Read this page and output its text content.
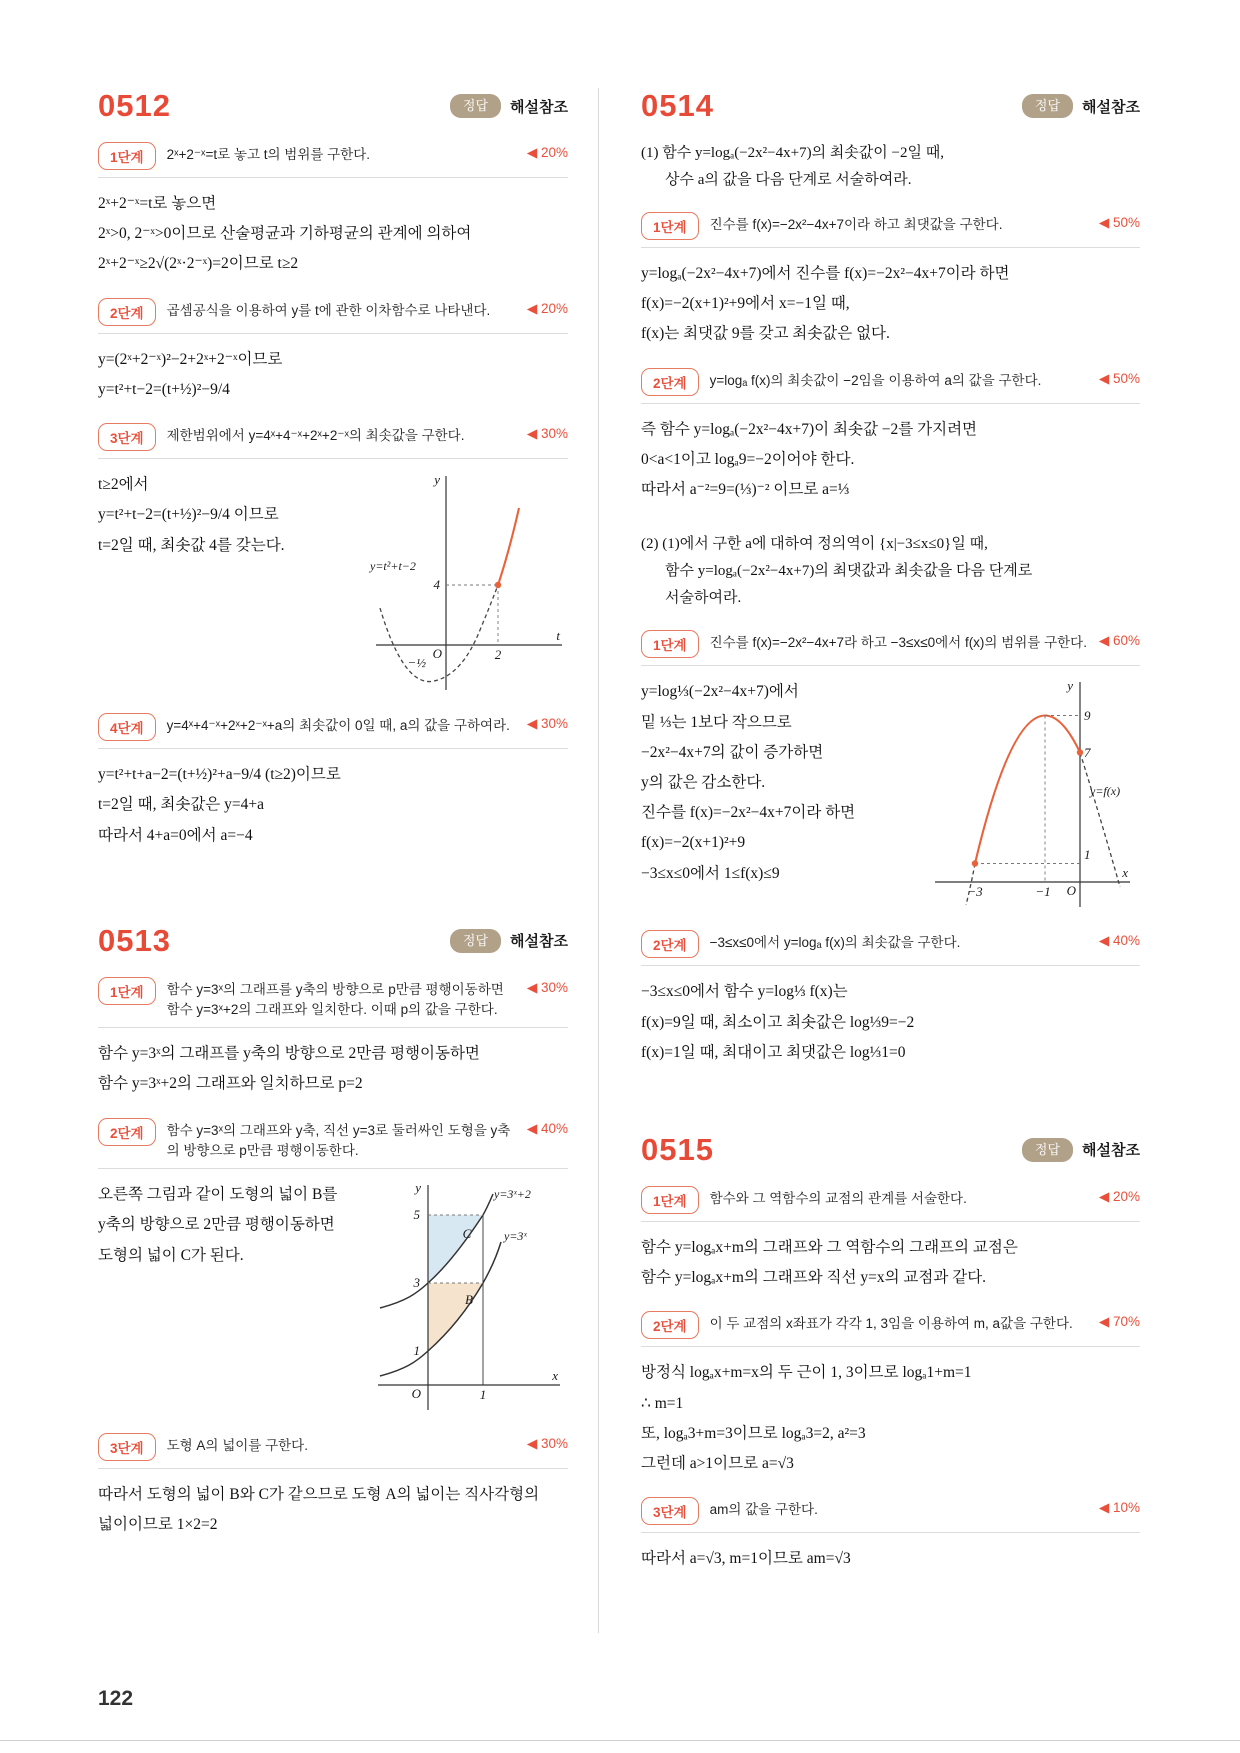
0512	정답	해설참조
1단계	2ˣ+2⁻ˣ=t로 놓고 t의 범위를 구한다.	◀ 20%
2ˣ+2⁻ˣ=t로 놓으면
2ˣ>0, 2⁻ˣ>0이므로 산술평균과 기하평균의 관계에 의하여
2ˣ+2⁻ˣ≥2√(2ˣ·2⁻ˣ)=2이므로 t≥2
2단계	곱셈공식을 이용하여 y를 t에 관한 이차함수로 나타낸다.	◀ 20%
y=(2ˣ+2⁻ˣ)²−2+2ˣ+2⁻ˣ이므로
y=t²+t−2=(t+½)²−9/4
3단계	제한범위에서 y=4ˣ+4⁻ˣ+2ˣ+2⁻ˣ의 최솟값을 구한다.	◀ 30%
t≥2에서
y=t²+t−2=(t+½)²−9/4 이므로
t=2일 때, 최솟값 4를 갖는다.
y
y=t²+t−2
4
−½
O	2
t
4단계	y=4ˣ+4⁻ˣ+2ˣ+2⁻ˣ+a의 최솟값이 0일 때, a의 값을 구하여라.	◀ 30%
y=t²+t+a−2=(t+½)²+a−9/4 (t≥2)이므로
t=2일 때, 최솟값은 y=4+a
따라서 4+a=0에서 a=−4
0513	정답	해설참조
1단계	함수 y=3ˣ의 그래프를 y축의 방향으로 p만큼 평행이동하면 함수 y=3ˣ+2의 그래프와 일치한다. 이때 p의 값을 구한다.
◀ 30%
함수 y=3ˣ의 그래프를 y축의 방향으로 2만큼 평행이동하면
함수 y=3ˣ+2의 그래프와 일치하므로 p=2
2단계	함수 y=3ˣ의 그래프와 y축, 직선 y=3로 둘러싸인 도형을 y축의 방향으로 p만큼 평행이동한다.
◀ 40%
오른쪽 그림과 같이 도형의 넓이 B를
y축의 방향으로 2만큼 평행이동하면
도형의 넓이 C가 된다.
y	y=3ˣ+2
y=3ˣ
5
3
1
C
B
O	1
x
3단계	도형 A의 넓이를 구한다.	◀ 30%
따라서 도형의 넓이 B와 C가 같으므로 도형 A의 넓이는 직사각형의
넓이이므로 1×2=2
0514	정답	해설참조
(1) 함수 y=logₐ(−2x²−4x+7)의 최솟값이 −2일 때,
상수 a의 값을 다음 단계로 서술하여라.
1단계	진수를 f(x)=−2x²−4x+7이라 하고 최댓값을 구한다.	◀ 50%
y=logₐ(−2x²−4x+7)에서 진수를 f(x)=−2x²−4x+7이라 하면
f(x)=−2(x+1)²+9에서 x=−1일 때,
f(x)는 최댓값 9를 갖고 최솟값은 없다.
2단계	y=logₐ f(x)의 최솟값이 −2임을 이용하여 a의 값을 구한다.	◀ 50%
즉 함수 y=logₐ(−2x²−4x+7)이 최솟값 −2를 가지려면
0<a<1이고 logₐ9=−2이어야 한다.
따라서 a⁻²=9=(⅓)⁻² 이므로 a=⅓
(2) (1)에서 구한 a에 대하여 정의역이 {x|−3≤x≤0}일 때,
함수 y=logₐ(−2x²−4x+7)의 최댓값과 최솟값을 다음 단계로
서술하여라.
1단계	진수를 f(x)=−2x²−4x+7라 하고 −3≤x≤0에서 f(x)의 범위를 구한다. ◀ 60%
y=log⅓(−2x²−4x+7)에서
밑 ⅓는 1보다 작으므로
−2x²−4x+7의 값이 증가하면
y의 값은 감소한다.
진수를 f(x)=−2x²−4x+7이라 하면
f(x)=−2(x+1)²+9
−3≤x≤0에서 1≤f(x)≤9
y
9
7
y=f(x)
1
−3	−1 O
x
2단계	−3≤x≤0에서 y=logₐ f(x)의 최솟값을 구한다.	◀ 40%
−3≤x≤0에서 함수 y=log⅓ f(x)는
f(x)=9일 때, 최소이고 최솟값은 log⅓9=−2
f(x)=1일 때, 최대이고 최댓값은 log⅓1=0
0515	정답	해설참조
1단계	함수와 그 역함수의 교점의 관계를 서술한다.	◀ 20%
함수 y=logₐx+m의 그래프와 그 역함수의 그래프의 교점은
함수 y=logₐx+m의 그래프와 직선 y=x의 교점과 같다.
2단계	이 두 교점의 x좌표가 각각 1, 3임을 이용하여 m, a값을 구한다.	◀ 70%
방정식 logₐx+m=x의 두 근이 1, 3이므로 logₐ1+m=1
∴ m=1
또, logₐ3+m=3이므로 logₐ3=2, a²=3
그런데 a>1이므로 a=√3
3단계	am의 값을 구한다.	◀ 10%
따라서 a=√3, m=1이므로 am=√3
122
